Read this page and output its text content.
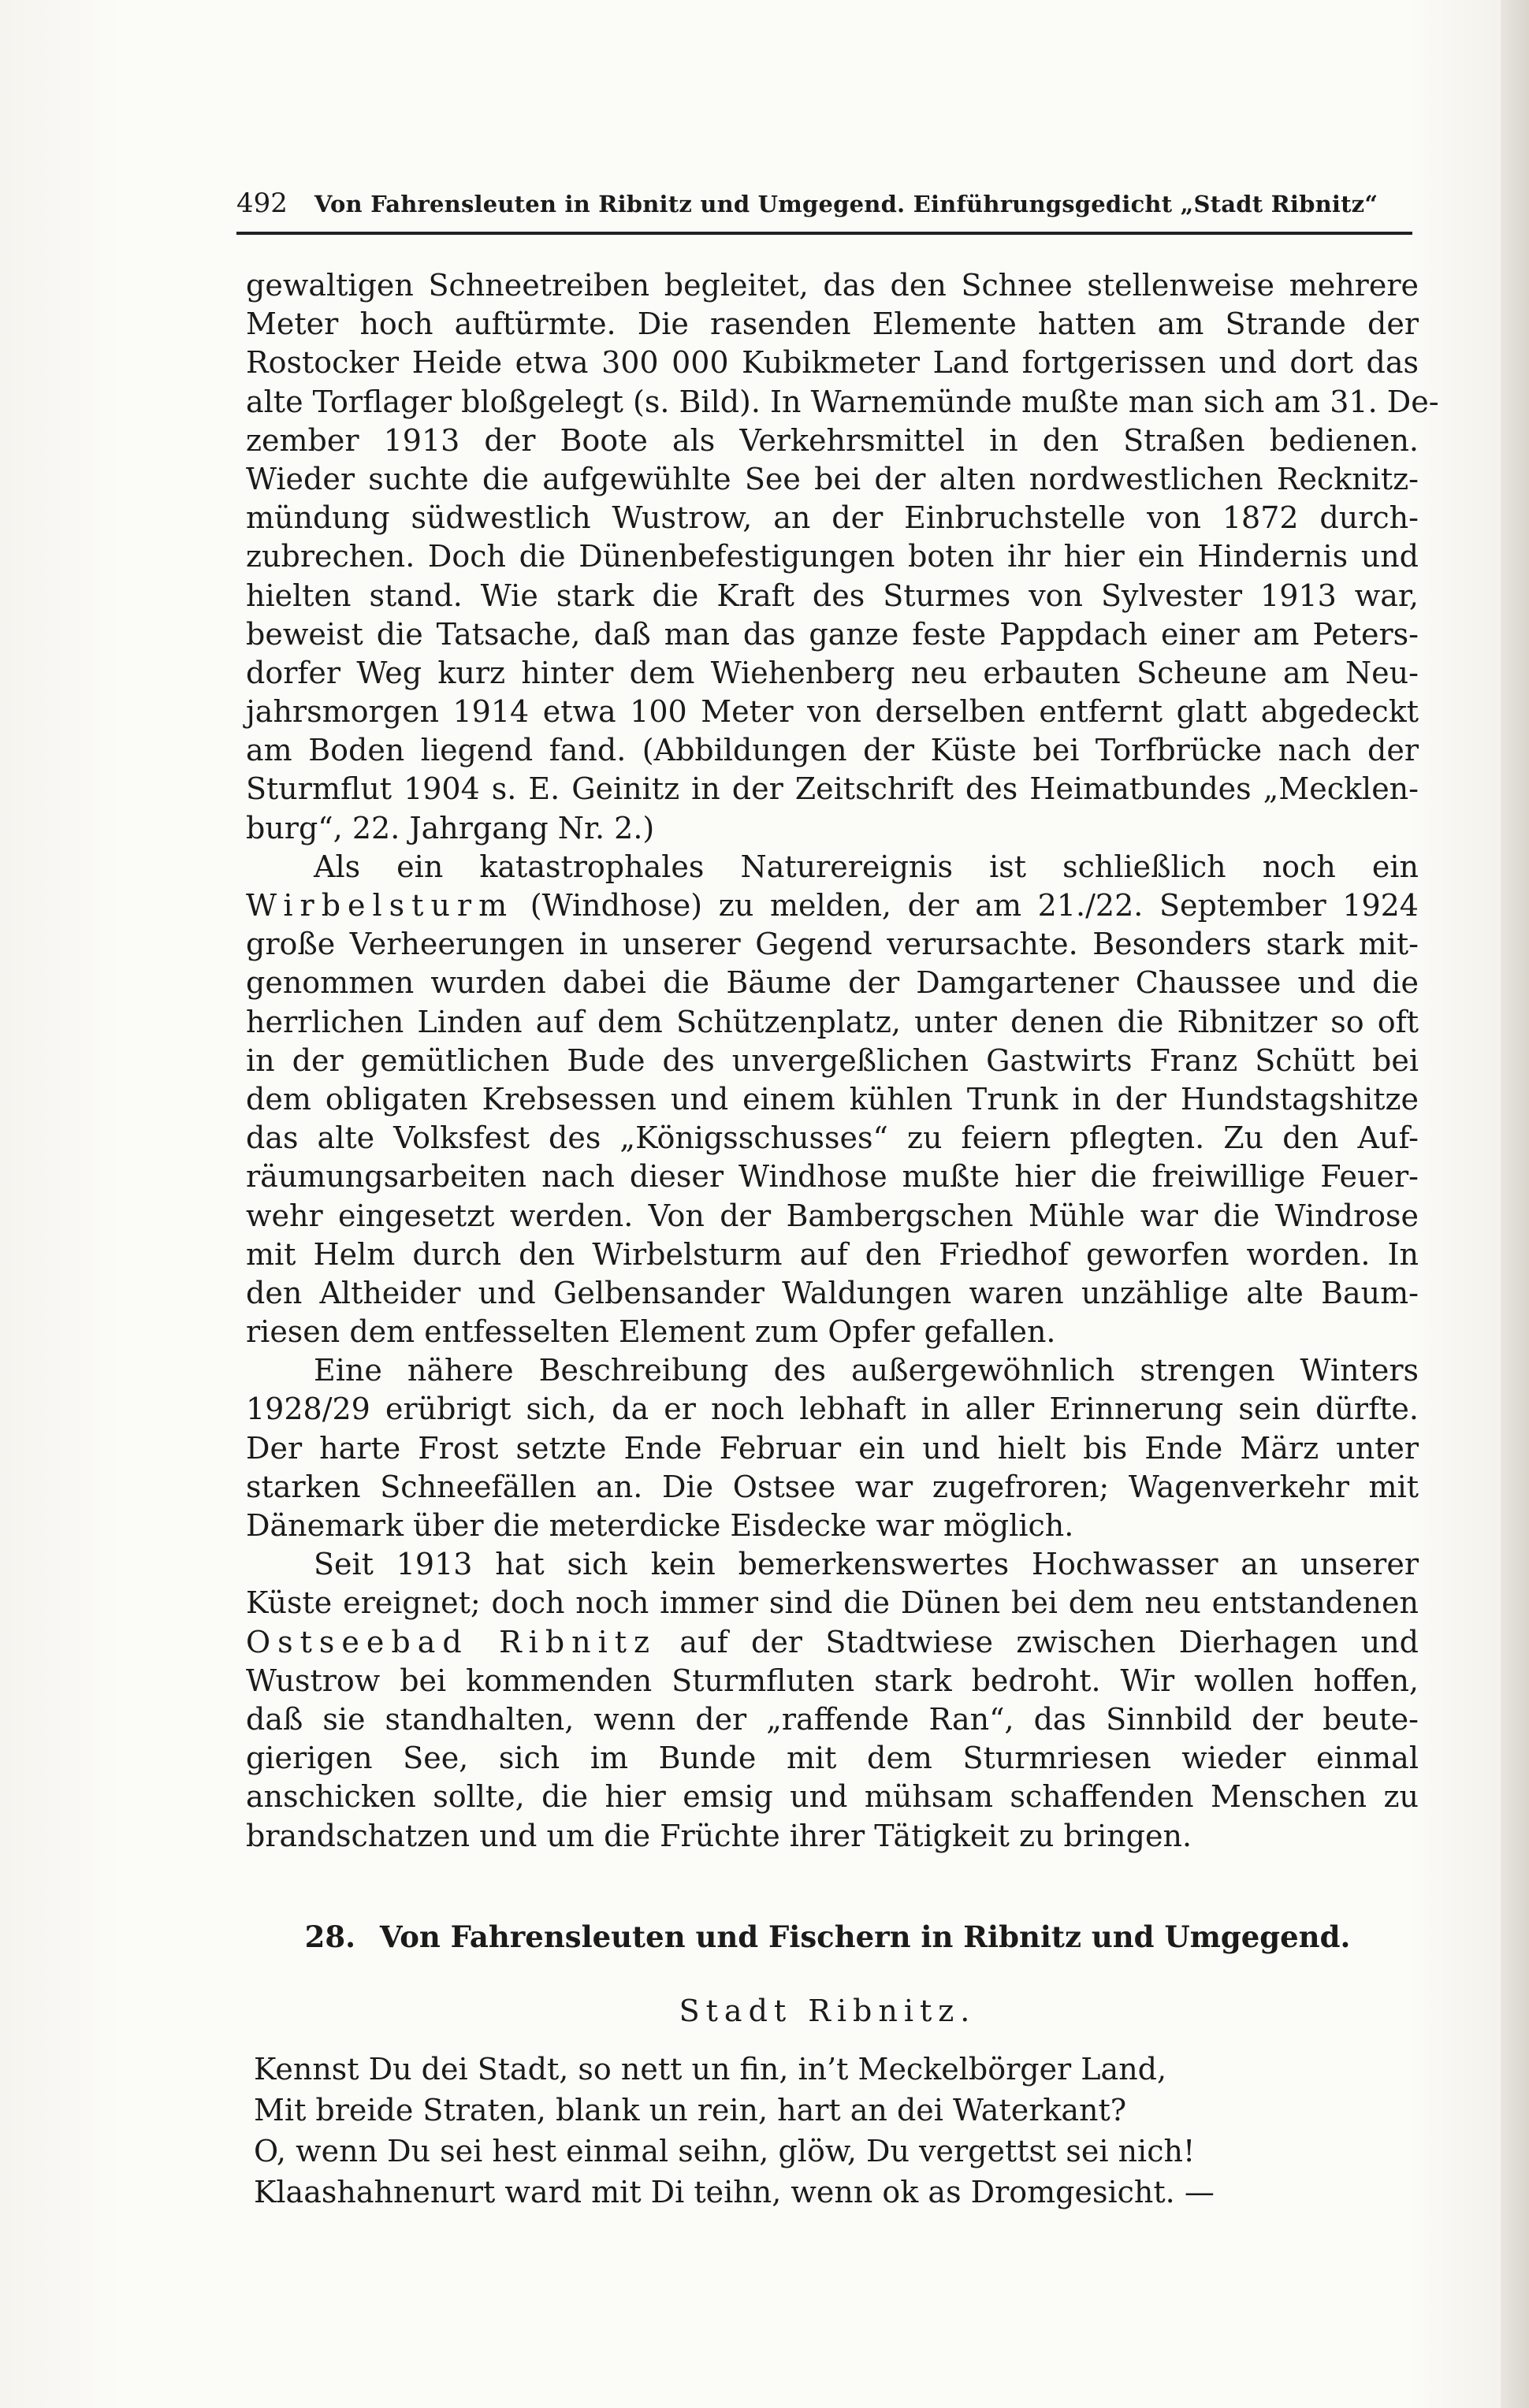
492 Von Fahrensleuten in Ribnitz und Umgegend. Einführungsgedicht „Stadt Ribnitz“
gewaltigen Schneetreiben begleitet, das den Schnee stellenweise mehrere
Meter hoch auftürmte. Die rasenden Elemente hatten am Strande der
Rostocker Heide etwa 300 000 Kubikmeter Land fortgerissen und dort das
alte Torflager bloßgelegt (s. Bild). In Warnemünde mußte man sich am 31. De-
zember 1913 der Boote als Verkehrsmittel in den Straßen bedienen.
Wieder suchte die aufgewühlte See bei der alten nordwestlichen Recknitz-
mündung südwestlich Wustrow, an der Einbruchstelle von 1872 durch-
zubrechen. Doch die Dünenbefestigungen boten ihr hier ein Hindernis und
hielten stand. Wie stark die Kraft des Sturmes von Sylvester 1913 war,
beweist die Tatsache, daß man das ganze feste Pappdach einer am Peters-
dorfer Weg kurz hinter dem Wiehenberg neu erbauten Scheune am Neu-
jahrsmorgen 1914 etwa 100 Meter von derselben entfernt glatt abgedeckt
am Boden liegend fand. (Abbildungen der Küste bei Torfbrücke nach der
Sturmflut 1904 s. E. Geinitz in der Zeitschrift des Heimatbundes „Mecklen-
burg“, 22. Jahrgang Nr. 2.)
Als ein katastrophales Naturereignis ist schließlich noch ein
Wirbelsturm (Windhose) zu melden, der am 21./22. September 1924
große Verheerungen in unserer Gegend verursachte. Besonders stark mit-
genommen wurden dabei die Bäume der Damgartener Chaussee und die
herrlichen Linden auf dem Schützenplatz, unter denen die Ribnitzer so oft
in der gemütlichen Bude des unvergeßlichen Gastwirts Franz Schütt bei
dem obligaten Krebsessen und einem kühlen Trunk in der Hundstagshitze
das alte Volksfest des „Königsschusses“ zu feiern pflegten. Zu den Auf-
räumungsarbeiten nach dieser Windhose mußte hier die freiwillige Feuer-
wehr eingesetzt werden. Von der Bambergschen Mühle war die Windrose
mit Helm durch den Wirbelsturm auf den Friedhof geworfen worden. In
den Altheider und Gelbensander Waldungen waren unzählige alte Baum-
riesen dem entfesselten Element zum Opfer gefallen.
Eine nähere Beschreibung des außergewöhnlich strengen Winters
1928/29 erübrigt sich, da er noch lebhaft in aller Erinnerung sein dürfte.
Der harte Frost setzte Ende Februar ein und hielt bis Ende März unter
starken Schneefällen an. Die Ostsee war zugefroren; Wagenverkehr mit
Dänemark über die meterdicke Eisdecke war möglich.
Seit 1913 hat sich kein bemerkenswertes Hochwasser an unserer
Küste ereignet; doch noch immer sind die Dünen bei dem neu entstandenen
Ostseebad Ribnitz auf der Stadtwiese zwischen Dierhagen und
Wustrow bei kommenden Sturmfluten stark bedroht. Wir wollen hoffen,
daß sie standhalten, wenn der „raffende Ran“, das Sinnbild der beute-
gierigen See, sich im Bunde mit dem Sturmriesen wieder einmal
anschicken sollte, die hier emsig und mühsam schaffenden Menschen zu
brandschatzen und um die Früchte ihrer Tätigkeit zu bringen.
28. Von Fahrensleuten und Fischern in Ribnitz und Umgegend.
Stadt Ribnitz.
Kennst Du dei Stadt, so nett un fin, in’t Meckelbörger Land,
Mit breide Straten, blank un rein, hart an dei Waterkant?
O, wenn Du sei hest einmal seihn, glöw, Du vergettst sei nich!
Klaashahnenurt ward mit Di teihn, wenn ok as Dromgesicht. —
